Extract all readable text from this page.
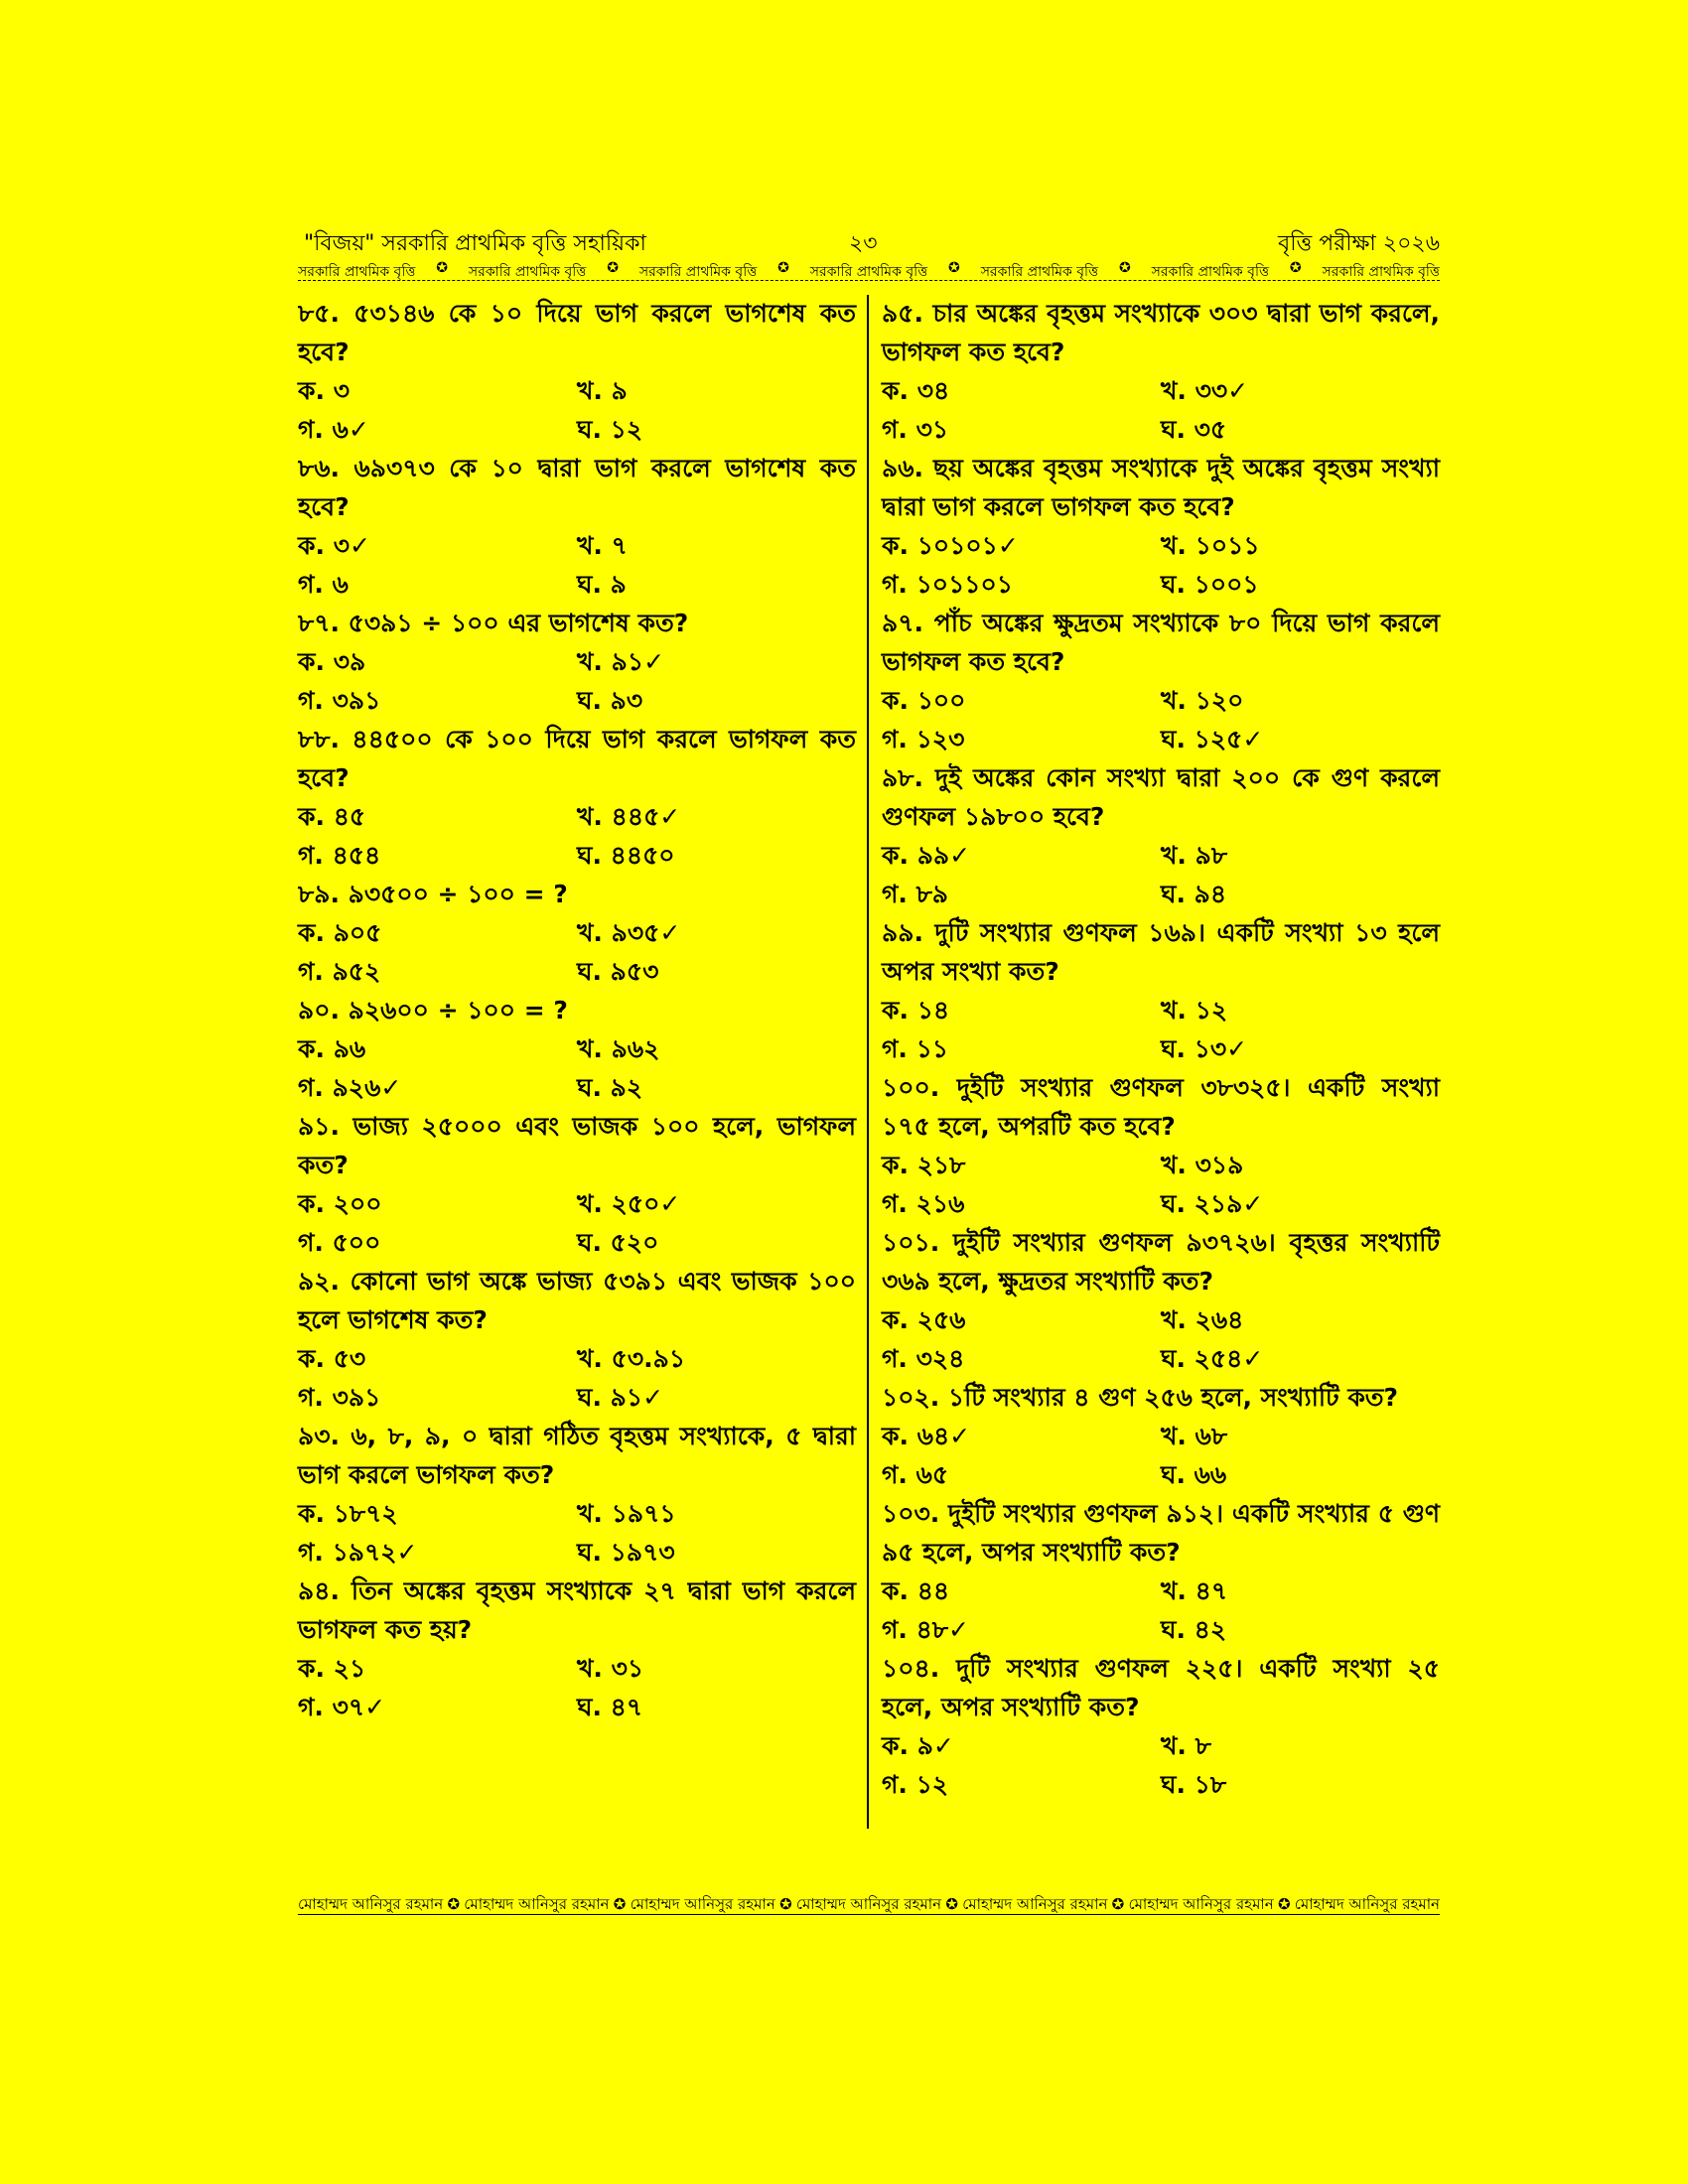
"বিজয়" সরকারি প্রাথমিক বৃত্তি সহায়িকা	২৩	বৃত্তি পরীক্ষা ২০২৬
সরকারি প্রাথমিক বৃত্তি ✪ সরকারি প্রাথমিক বৃত্তি ✪ সরকারি প্রাথমিক বৃত্তি ✪ সরকারি প্রাথমিক বৃত্তি ✪ সরকারি প্রাথমিক বৃত্তি ✪ সরকারি প্রাথমিক বৃত্তি ✪ সরকারি প্রাথমিক বৃত্তি
৮৫. ৫৩১৪৬ কে ১০ দিয়ে ভাগ করলে ভাগশেষ কত হবে?
ক. ৩	খ. ৯
গ. ৬✓	ঘ. ১২
৮৬. ৬৯৩৭৩ কে ১০ দ্বারা ভাগ করলে ভাগশেষ কত হবে?
ক. ৩✓	খ. ৭
গ. ৬	ঘ. ৯
৮৭. ৫৩৯১ ÷ ১০০ এর ভাগশেষ কত?
ক. ৩৯	খ. ৯১✓
গ. ৩৯১	ঘ. ৯৩
৮৮. ৪৪৫০০ কে ১০০ দিয়ে ভাগ করলে ভাগফল কত হবে?
ক. ৪৫	খ. ৪৪৫✓
গ. ৪৫৪	ঘ. ৪৪৫০
৮৯. ৯৩৫০০ ÷ ১০০ = ?
ক. ৯০৫	খ. ৯৩৫✓
গ. ৯৫২	ঘ. ৯৫৩
৯০. ৯২৬০০ ÷ ১০০ = ?
ক. ৯৬	খ. ৯৬২
গ. ৯২৬✓	ঘ. ৯২
৯১. ভাজ্য ২৫০০০ এবং ভাজক ১০০ হলে, ভাগফল কত?
ক. ২০০	খ. ২৫০✓
গ. ৫০০	ঘ. ৫২০
৯২. কোনো ভাগ অঙ্কে ভাজ্য ৫৩৯১ এবং ভাজক ১০০ হলে ভাগশেষ কত?
ক. ৫৩	খ. ৫৩.৯১
গ. ৩৯১	ঘ. ৯১✓
৯৩. ৬, ৮, ৯, ০ দ্বারা গঠিত বৃহত্তম সংখ্যাকে, ৫ দ্বারা ভাগ করলে ভাগফল কত?
ক. ১৮৭২	খ. ১৯৭১
গ. ১৯৭২✓	ঘ. ১৯৭৩
৯৪. তিন অঙ্কের বৃহত্তম সংখ্যাকে ২৭ দ্বারা ভাগ করলে ভাগফল কত হয়?
ক. ২১	খ. ৩১
গ. ৩৭✓	ঘ. ৪৭
৯৫. চার অঙ্কের বৃহত্তম সংখ্যাকে ৩০৩ দ্বারা ভাগ করলে, ভাগফল কত হবে?
ক. ৩৪	খ. ৩৩✓
গ. ৩১	ঘ. ৩৫
৯৬. ছয় অঙ্কের বৃহত্তম সংখ্যাকে দুই অঙ্কের বৃহত্তম সংখ্যা দ্বারা ভাগ করলে ভাগফল কত হবে?
ক. ১০১০১✓	খ. ১০১১
গ. ১০১১০১	ঘ. ১০০১
৯৭. পাঁচ অঙ্কের ক্ষুদ্রতম সংখ্যাকে ৮০ দিয়ে ভাগ করলে ভাগফল কত হবে?
ক. ১০০	খ. ১২০
গ. ১২৩	ঘ. ১২৫✓
৯৮. দুই অঙ্কের কোন সংখ্যা দ্বারা ২০০ কে গুণ করলে গুণফল ১৯৮০০ হবে?
ক. ৯৯✓	খ. ৯৮
গ. ৮৯	ঘ. ৯৪
৯৯. দুটি সংখ্যার গুণফল ১৬৯। একটি সংখ্যা ১৩ হলে অপর সংখ্যা কত?
ক. ১৪	খ. ১২
গ. ১১	ঘ. ১৩✓
১০০. দুইটি সংখ্যার গুণফল ৩৮৩২৫। একটি সংখ্যা ১৭৫ হলে, অপরটি কত হবে?
ক. ২১৮	খ. ৩১৯
গ. ২১৬	ঘ. ২১৯✓
১০১. দুইটি সংখ্যার গুণফল ৯৩৭২৬। বৃহত্তর সংখ্যাটি ৩৬৯ হলে, ক্ষুদ্রতর সংখ্যাটি কত?
ক. ২৫৬	খ. ২৬৪
গ. ৩২৪	ঘ. ২৫৪✓
১০২. ১টি সংখ্যার ৪ গুণ ২৫৬ হলে, সংখ্যাটি কত?
ক. ৬৪✓	খ. ৬৮
গ. ৬৫	ঘ. ৬৬
১০৩. দুইটি সংখ্যার গুণফল ৯১২। একটি সংখ্যার ৫ গুণ ৯৫ হলে, অপর সংখ্যাটি কত?
ক. ৪৪	খ. ৪৭
গ. ৪৮✓	ঘ. ৪২
১০৪. দুটি সংখ্যার গুণফল ২২৫। একটি সংখ্যা ২৫ হলে, অপর সংখ্যাটি কত?
ক. ৯✓	খ. ৮
গ. ১২	ঘ. ১৮
মোহাম্মদ আনিসুর রহমান ✪ মোহাম্মদ আনিসুর রহমান ✪ মোহাম্মদ আনিসুর রহমান ✪ মোহাম্মদ আনিসুর রহমান ✪ মোহাম্মদ আনিসুর রহমান ✪ মোহাম্মদ আনিসুর রহমান ✪ মোহাম্মদ আনিসুর রহমান
